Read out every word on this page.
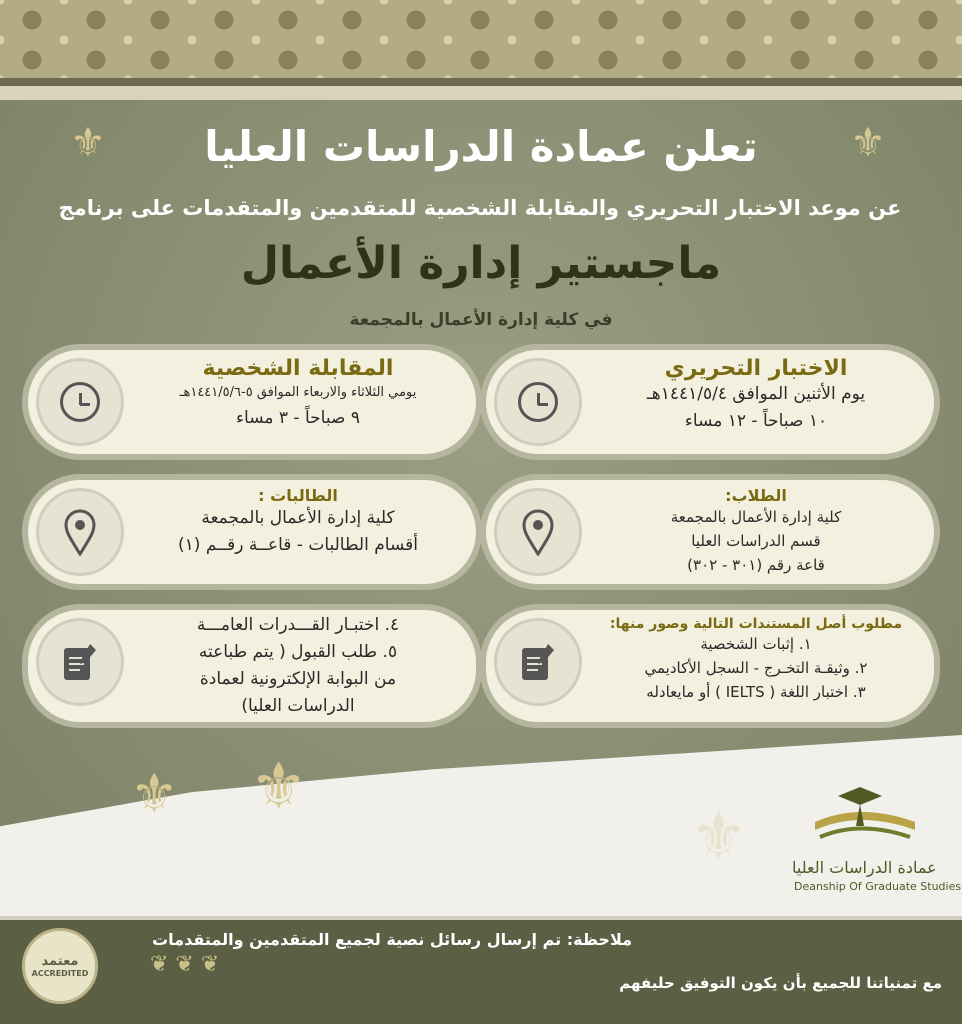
⚜	⚜
تعلن عمادة الدراسات العليا
عن موعد الاختبار التحريري والمقابلة الشخصية للمتقدمين والمتقدمات على برنامج
ماجستير إدارة الأعمال
في كلية إدارة الأعمال بالمجمعة
الاختبار التحريري
يوم الأثنين الموافق ١٤٤١/٥/٤هـ
١٠ صباحاً - ١٢ مساء
المقابلة الشخصية
يومي الثلاثاء والاربعاء الموافق ٥-١٤٤١/٥/٦هـ
٩ صباحاً - ٣ مساء
الطلاب:
كلية إدارة الأعمال بالمجمعة
قسم الدراسات العليا
قاعة رقم (٣٠١ - ٣٠٢)
الطالبات :
كلية إدارة الأعمال بالمجمعة
أقسام الطالبات - قاعــة رقــم (١)
مطلوب أصل المستندات التالية وصور منها:
١. إثبات الشخصية
٢. وثيقـة التخـرج - السجل الأكاديمي
٣. اختبار اللغة ( IELTS ) أو مايعادله
٤. اختبـار القـــدرات العامـــة
٥. طلب القبول ( يتم طباعته
من البوابة الإلكترونية لعمادة
الدراسات العليا)
⚜ ⚜
⚜	عمادة الدراسات العليا
Deanship Of Graduate Studies
ملاحظة: تم إرسال رسائل نصية لجميع المتقدمين والمتقدمات
❦ ❦ ❦
مع تمنياتنا للجميع بأن يكون التوفيق حليفهم
معتمد
ACCREDITED
